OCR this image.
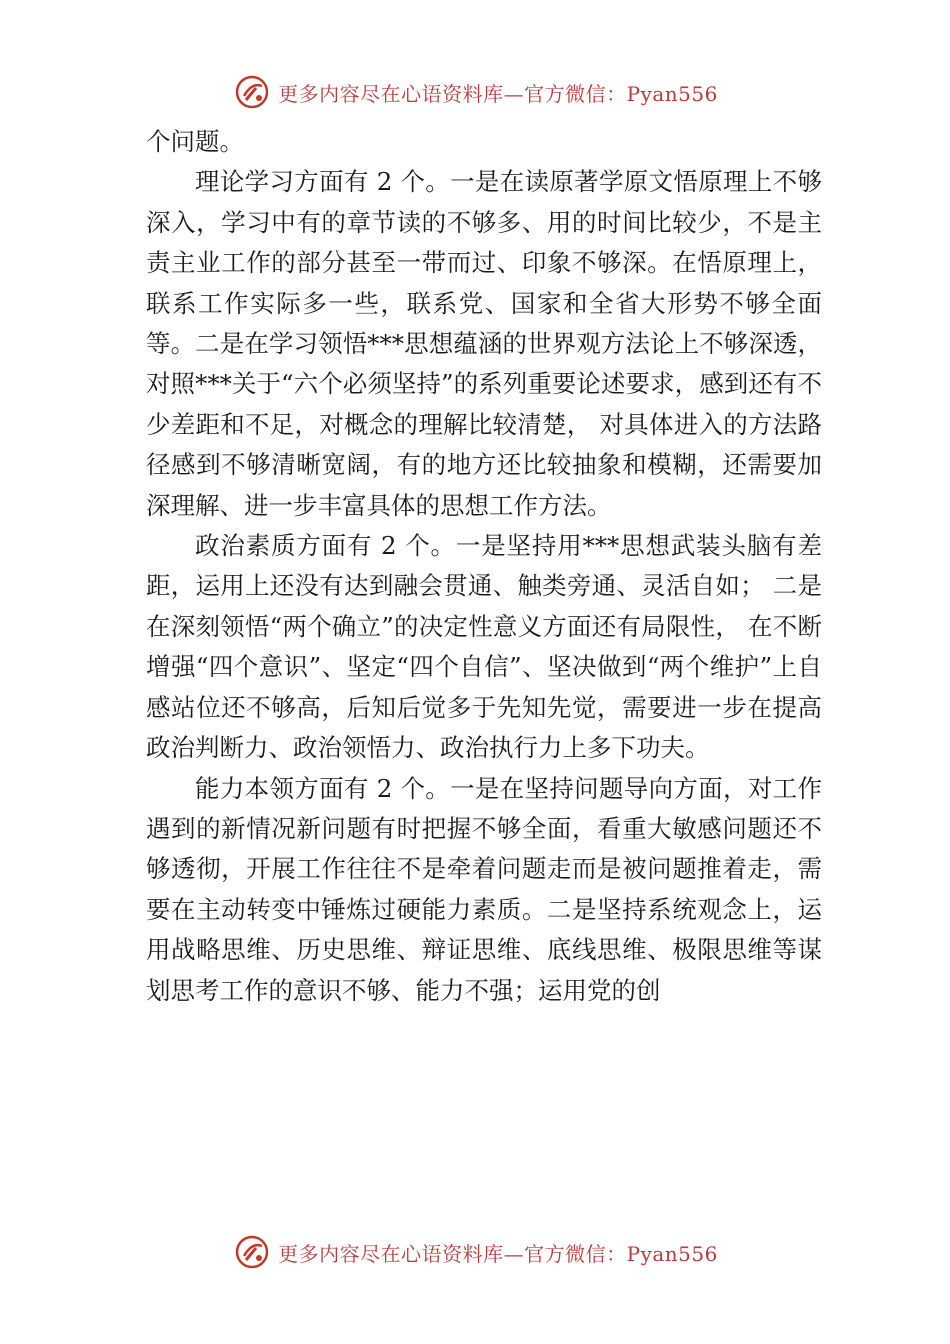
更多内容尽在心语资料库—官方微信：Pyan556

个问题。

理论学习方面有 2 个。一是在读原著学原文悟原理上不够深入，学习中有的章节读的不够多、用的时间比较少，不是主责主业工作的部分甚至一带而过、印象不够深。在悟原理上，联系工作实际多一些，联系党、国家和全省大形势不够全面等。二是在学习领悟***思想蕴涵的世界观方法论上不够深透，对照***关于“六个必须坚持”的系列重要论述要求，感到还有不少差距和不足，对概念的理解比较清楚， 对具体进入的方法路径感到不够清晰宽阔，有的地方还比较抽象和模糊，还需要加深理解、进一步丰富具体的思想工作方法。

政治素质方面有 2 个。一是坚持用***思想武装头脑有差距，运用上还没有达到融会贯通、触类旁通、灵活自如； 二是在深刻领悟“两个确立”的决定性意义方面还有局限性， 在不断增强“四个意识”、坚定“四个自信”、坚决做到“两个维护”上自感站位还不够高，后知后觉多于先知先觉，需要进一步在提高政治判断力、政治领悟力、政治执行力上多下功夫。

能力本领方面有 2 个。一是在坚持问题导向方面，对工作遇到的新情况新问题有时把握不够全面，看重大敏感问题还不够透彻，开展工作往往不是牵着问题走而是被问题推着走，需要在主动转变中锤炼过硬能力素质。二是坚持系统观念上，运用战略思维、历史思维、辩证思维、底线思维、极限思维等谋划思考工作的意识不够、能力不强；运用党的创

更多内容尽在心语资料库—官方微信：Pyan556
